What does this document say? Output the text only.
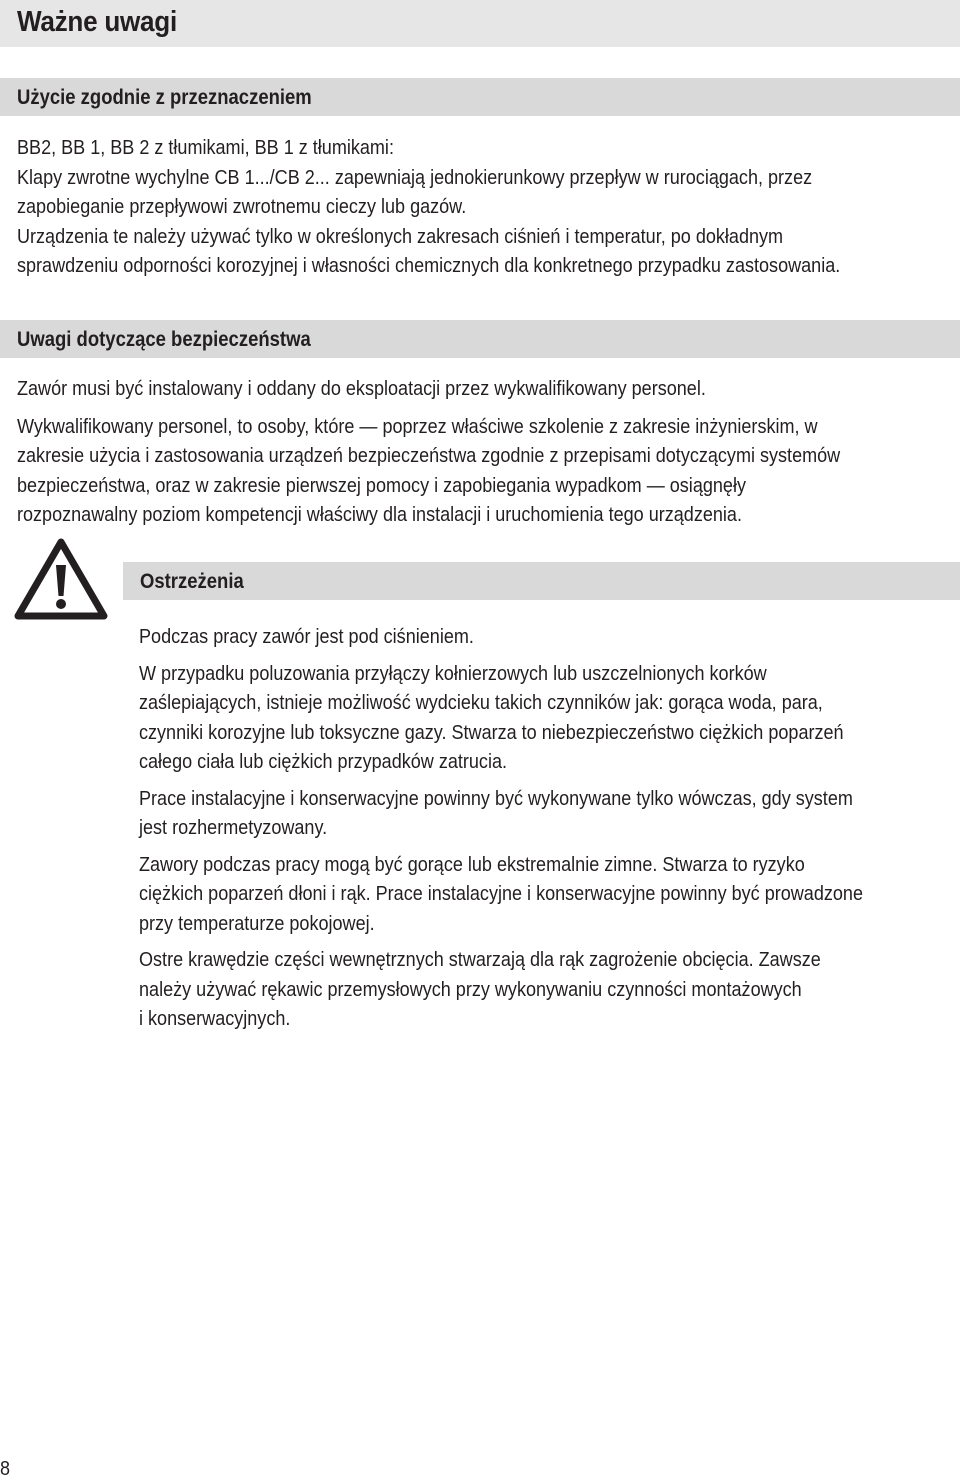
Ważne uwagi
Użycie zgodnie z przeznaczeniem

BB2, BB 1, BB 2 z tłumikami, BB 1 z tłumikami:

Klapy zwrotne wychylne CB 1.../CB 2... zapewniają jednokierunkowy przepływ w rurociągach, przez

zapobieganie przepływowi zwrotnemu cieczy lub gazów.

Urządzenia te należy używać tylko w określonych zakresach ciśnień i temperatur, po dokładnym

sprawdzeniu odporności korozyjnej i własności chemicznych dla konkretnego przypadku zastosowania.

Uwagi dotyczące bezpieczeństwa

Zawór musi być instalowany i oddany do eksploatacji przez wykwalifikowany personel.

Wykwalifikowany personel, to osoby, które — poprzez właściwe szkolenie z zakresie inżynierskim, w

zakresie użycia i zastosowania urządzeń bezpieczeństwa zgodnie z przepisami dotyczącymi systemów

bezpieczeństwa, oraz w zakresie pierwszej pomocy i zapobiegania wypadkom — osiągnęły

rozpoznawalny poziom kompetencji właściwy dla instalacji i uruchomienia tego urządzenia.

Ostrzeżenia

Podczas pracy zawór jest pod ciśnieniem.

W przypadku poluzowania przyłączy kołnierzowych lub uszczelnionych korków
zaślepiających, istnieje możliwość wydcieku takich czynników jak: gorąca woda, para,
czynniki korozyjne lub toksyczne gazy. Stwarza to niebezpieczeństwo ciężkich poparzeń
całego ciała lub ciężkich przypadków zatrucia.

Prace instalacyjne i konserwacyjne powinny być wykonywane tylko wówczas, gdy system
jest rozhermetyzowany.

Zawory podczas pracy mogą być gorące lub ekstremalnie zimne. Stwarza to ryzyko
ciężkich poparzeń dłoni i rąk. Prace instalacyjne i konserwacyjne powinny być prowadzone
przy temperaturze pokojowej.

Ostre krawędzie części wewnętrznych stwarzają dla rąk zagrożenie obcięcia. Zawsze
należy używać rękawic przemysłowych przy wykonywaniu czynności montażowych
i konserwacyjnych.

8
